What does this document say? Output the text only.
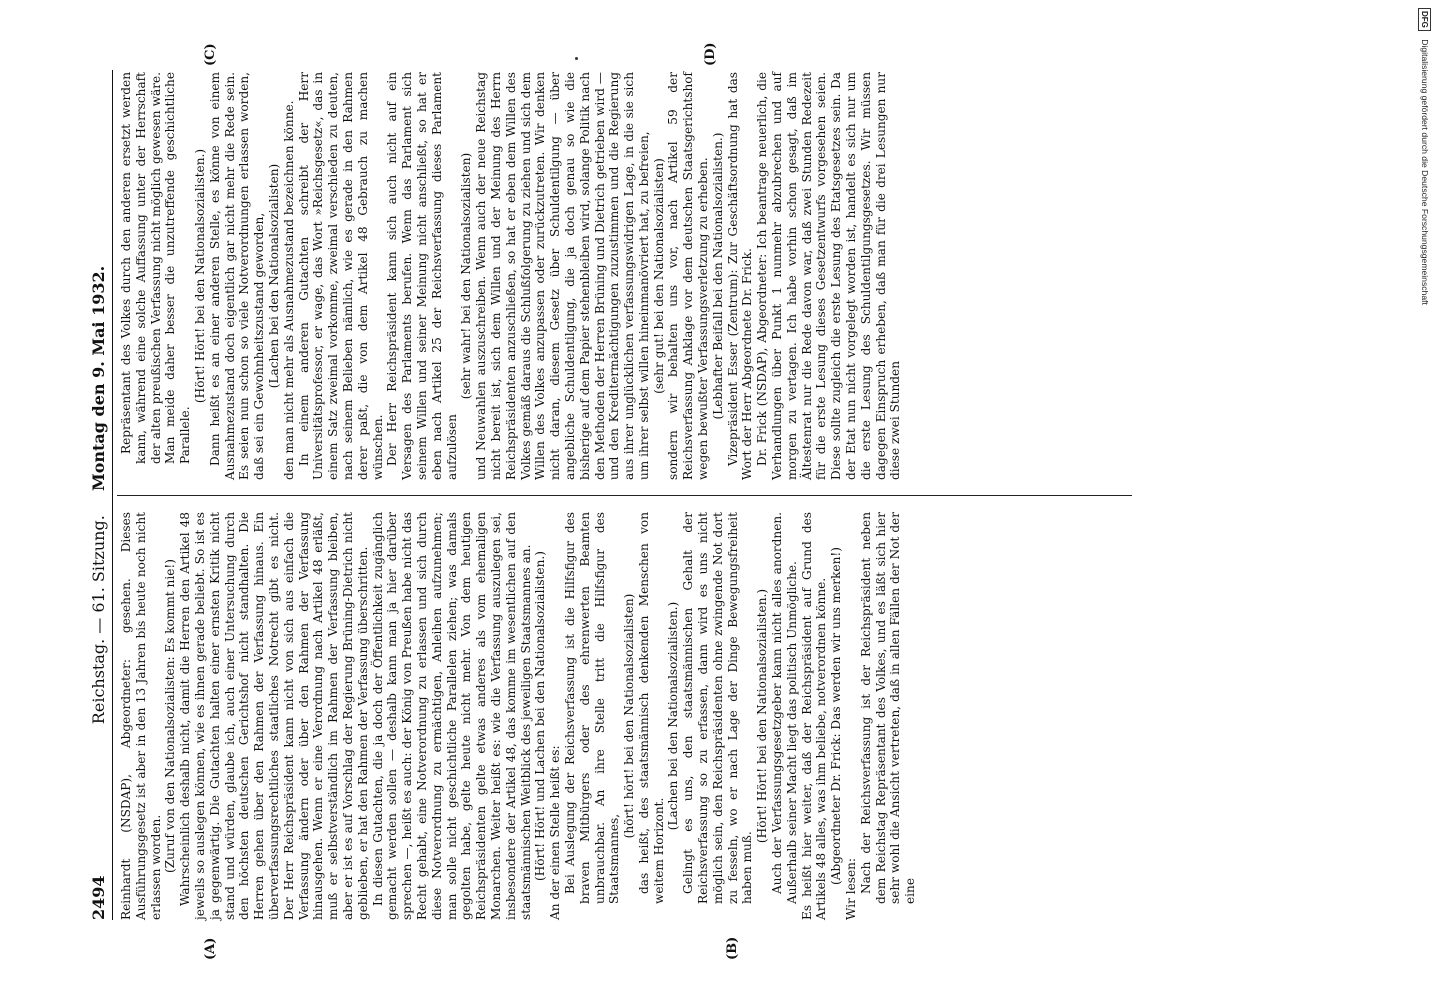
2494
Reichstag. — 61. Sitzung.  Montag den 9. Mai 1932.

Reinhardt (NSDAP), Abgeordneter: gesehen. Dieses Ausführungsgesetz ist aber in den 13 Jahren bis heute noch nicht erlassen worden. (Zuruf von den Nationalsozialisten: Es kommt nie!) Wahrscheinlich deshalb nicht, damit die Herren den Artikel 48 jeweils so auslegen können, wie es ihnen gerade beliebt. So ist es ja gegenwärtig. Die Gutachten halten einer ernsten Kritik nicht stand und würden, glaube ich, auch einer Untersuchung durch den höchsten deutschen Gerichtshof nicht standhalten. Die Herren gehen über den Rahmen der Verfassung hinaus. Ein überverfassungsrechtliches staatliches Notrecht gibt es nicht. Der Herr Reichspräsident kann nicht von sich aus einfach die Verfassung ändern oder über den Rahmen der Verfassung hinausgehen. Wenn er eine Verordnung nach Artikel 48 erläßt, muß er selbstverständlich im Rahmen der Verfassung bleiben, aber er ist es auf Vorschlag der Regierung Brüning-Dietrich nicht geblieben, er hat den Rahmen der Verfassung überschritten. In diesen Gutachten, die ja doch der Öffentlichkeit zugänglich gemacht werden sollen — deshalb kann man ja hier darüber sprechen —, heißt es auch: der König von Preußen habe nicht das Recht gehabt, eine Notverordnung zu erlassen und sich durch diese Notverordnung zu ermächtigen, Anleihen aufzunehmen; man solle nicht geschichtliche Parallelen ziehen; was damals gegolten habe, gelte heute nicht mehr. Von dem heutigen Reichspräsidenten gelte etwas anderes als vom ehemaligen Monarchen. Weiter heißt es: wie die Verfassung auszulegen sei, insbesondere der Artikel 48, das komme im wesentlichen auf den staatsmännischen Weitblick des jeweiligen Staatsmannes an. (Hört! Hört! und Lachen bei den Nationalsozialisten.) An der einen Stelle heißt es: Bei Auslegung der Reichsverfassung ist die Hilfsfigur des braven Mitbürgers oder des ehrenwerten Beamten unbrauchbar. An ihre Stelle tritt die Hilfsfigur des Staatsmannes,

(hört! hört! bei den Nationalsozialisten) das heißt, des staatsmännisch denkenden Menschen von weitem Horizont.

(Lachen bei den Nationalsozialisten.) Gelingt es uns, den staatsmännischen Gehalt der Reichsverfassung so zu erfassen, dann wird es uns nicht möglich sein, den Reichspräsidenten ohne zwingende Not dort zu fesseln, wo er nach Lage der Dinge Bewegungsfreiheit haben muß.

(Hört! Hört! bei den Nationalsozialisten.) Auch der Verfassungsgesetzgeber kann nicht alles anordnen. Außerhalb seiner Macht liegt das politisch Unmögliche. Es heißt hier weiter, daß der Reichspräsident auf Grund des Artikels 48 alles, was ihm beliebe, notverordnen könne. (Abgeordneter Dr. Frick: Das werden wir uns merken!)

Wir lesen: Nach der Reichsverfassung ist der Reichspräsident neben dem Reichstag Repräsentant des Volkes, und es läßt sich hier sehr wohl die Ansicht vertreten, daß in allen Fällen der Not der eine

Repräsentant des Volkes durch den anderen ersetzt werden kann, während eine solche Auffassung unter der Herrschaft der alten preußischen Verfassung nicht möglich gewesen wäre. Man meide daher besser die unzutreffende geschichtliche Parallele.

(Hört! Hört! bei den Nationalsozialisten.) Dann heißt es an einer anderen Stelle, es könne von einem Ausnahmezustand doch eigentlich gar nicht mehr die Rede sein. Es seien nun schon so viele Notverordnungen erlassen worden, daß sei ein Gewohnheitszustand geworden, (Lachen bei den Nationalsozialisten) den man nicht mehr als Ausnahmezustand bezeichnen könne. In einem anderen Gutachten schreibt der Herr Universitätsprofessor, er wage, das Wort »Reichsgesetz«, das in einem Satz zweimal vorkomme, zweimal verschieden zu deuten, nach seinem Belieben nämlich, wie es gerade in den Rahmen derer paßt, die von dem Artikel 48 Gebrauch zu machen wünschen. Der Herr Reichspräsident kann sich auch nicht auf ein Versagen des Parlaments berufen. Wenn das Parlament sich seinem Willen und seiner Meinung nicht anschließt, so hat er eben nach Artikel 25 der Reichsverfassung dieses Parlament aufzulösen

(sehr wahr! bei den Nationalsozialisten) und Neuwahlen auszuschreiben. Wenn auch der neue Reichstag nicht bereit ist, sich dem Willen und der Meinung des Herrn Reichspräsidenten anzuschließen, so hat er eben dem Willen des Volkes gemäß daraus die Schlußfolgerung zu ziehen und sich dem Willen des Volkes anzupassen oder zurückzutreten. Wir denken nicht daran, diesem Gesetz über Schuldentilgung — über angebliche Schuldentilgung, die ja doch genau so wie die bisherige auf dem Papier stehenbleiben wird, solange Politik nach den Methoden der Herren Brüning und Dietrich getrieben wird — und den Kreditermächtigungen zuzustimmen und die Regierung aus ihrer unglücklichen verfassungswidrigen Lage, in die sie sich um ihrer selbst willen hineinmanövriert hat, zu befreien, (sehr gut! bei den Nationalsozialisten) sondern wir behalten uns vor, nach Artikel 59 der Reichsverfassung Anklage vor dem deutschen Staatsgerichtshof wegen bewußter Verfassungsverletzung zu erheben. (Lebhafter Beifall bei den Nationalsozialisten.) Vizepräsident Esser (Zentrum): Zur Geschäftsordnung hat das Wort der Herr Abgeordnete Dr. Frick. Dr. Frick (NSDAP), Abgeordneter: Ich beantrage neuerlich, die Verhandlungen über Punkt 1 nunmehr abzubrechen und auf morgen zu vertagen. Ich habe vorhin schon gesagt, daß im Ältestenrat nur die Rede davon war, daß zwei Stunden Redezeit für die erste Lesung dieses Gesetzentwurfs vorgesehen seien. Diese sollte zugleich die erste Lesung des Etatsgesetzes sein. Da der Etat nun nicht vorgelegt worden ist, handelt es sich nur um die erste Lesung des Schuldentilgungsgesetzes. Wir müssen dagegen Einspruch erheben, daß man für die drei Lesungen nur diese zwei Stunden

(A)	(B)
(C)	(D)
DFG Digitalisierung gefördert durch die Deutsche Forschungsgemeinschaft
